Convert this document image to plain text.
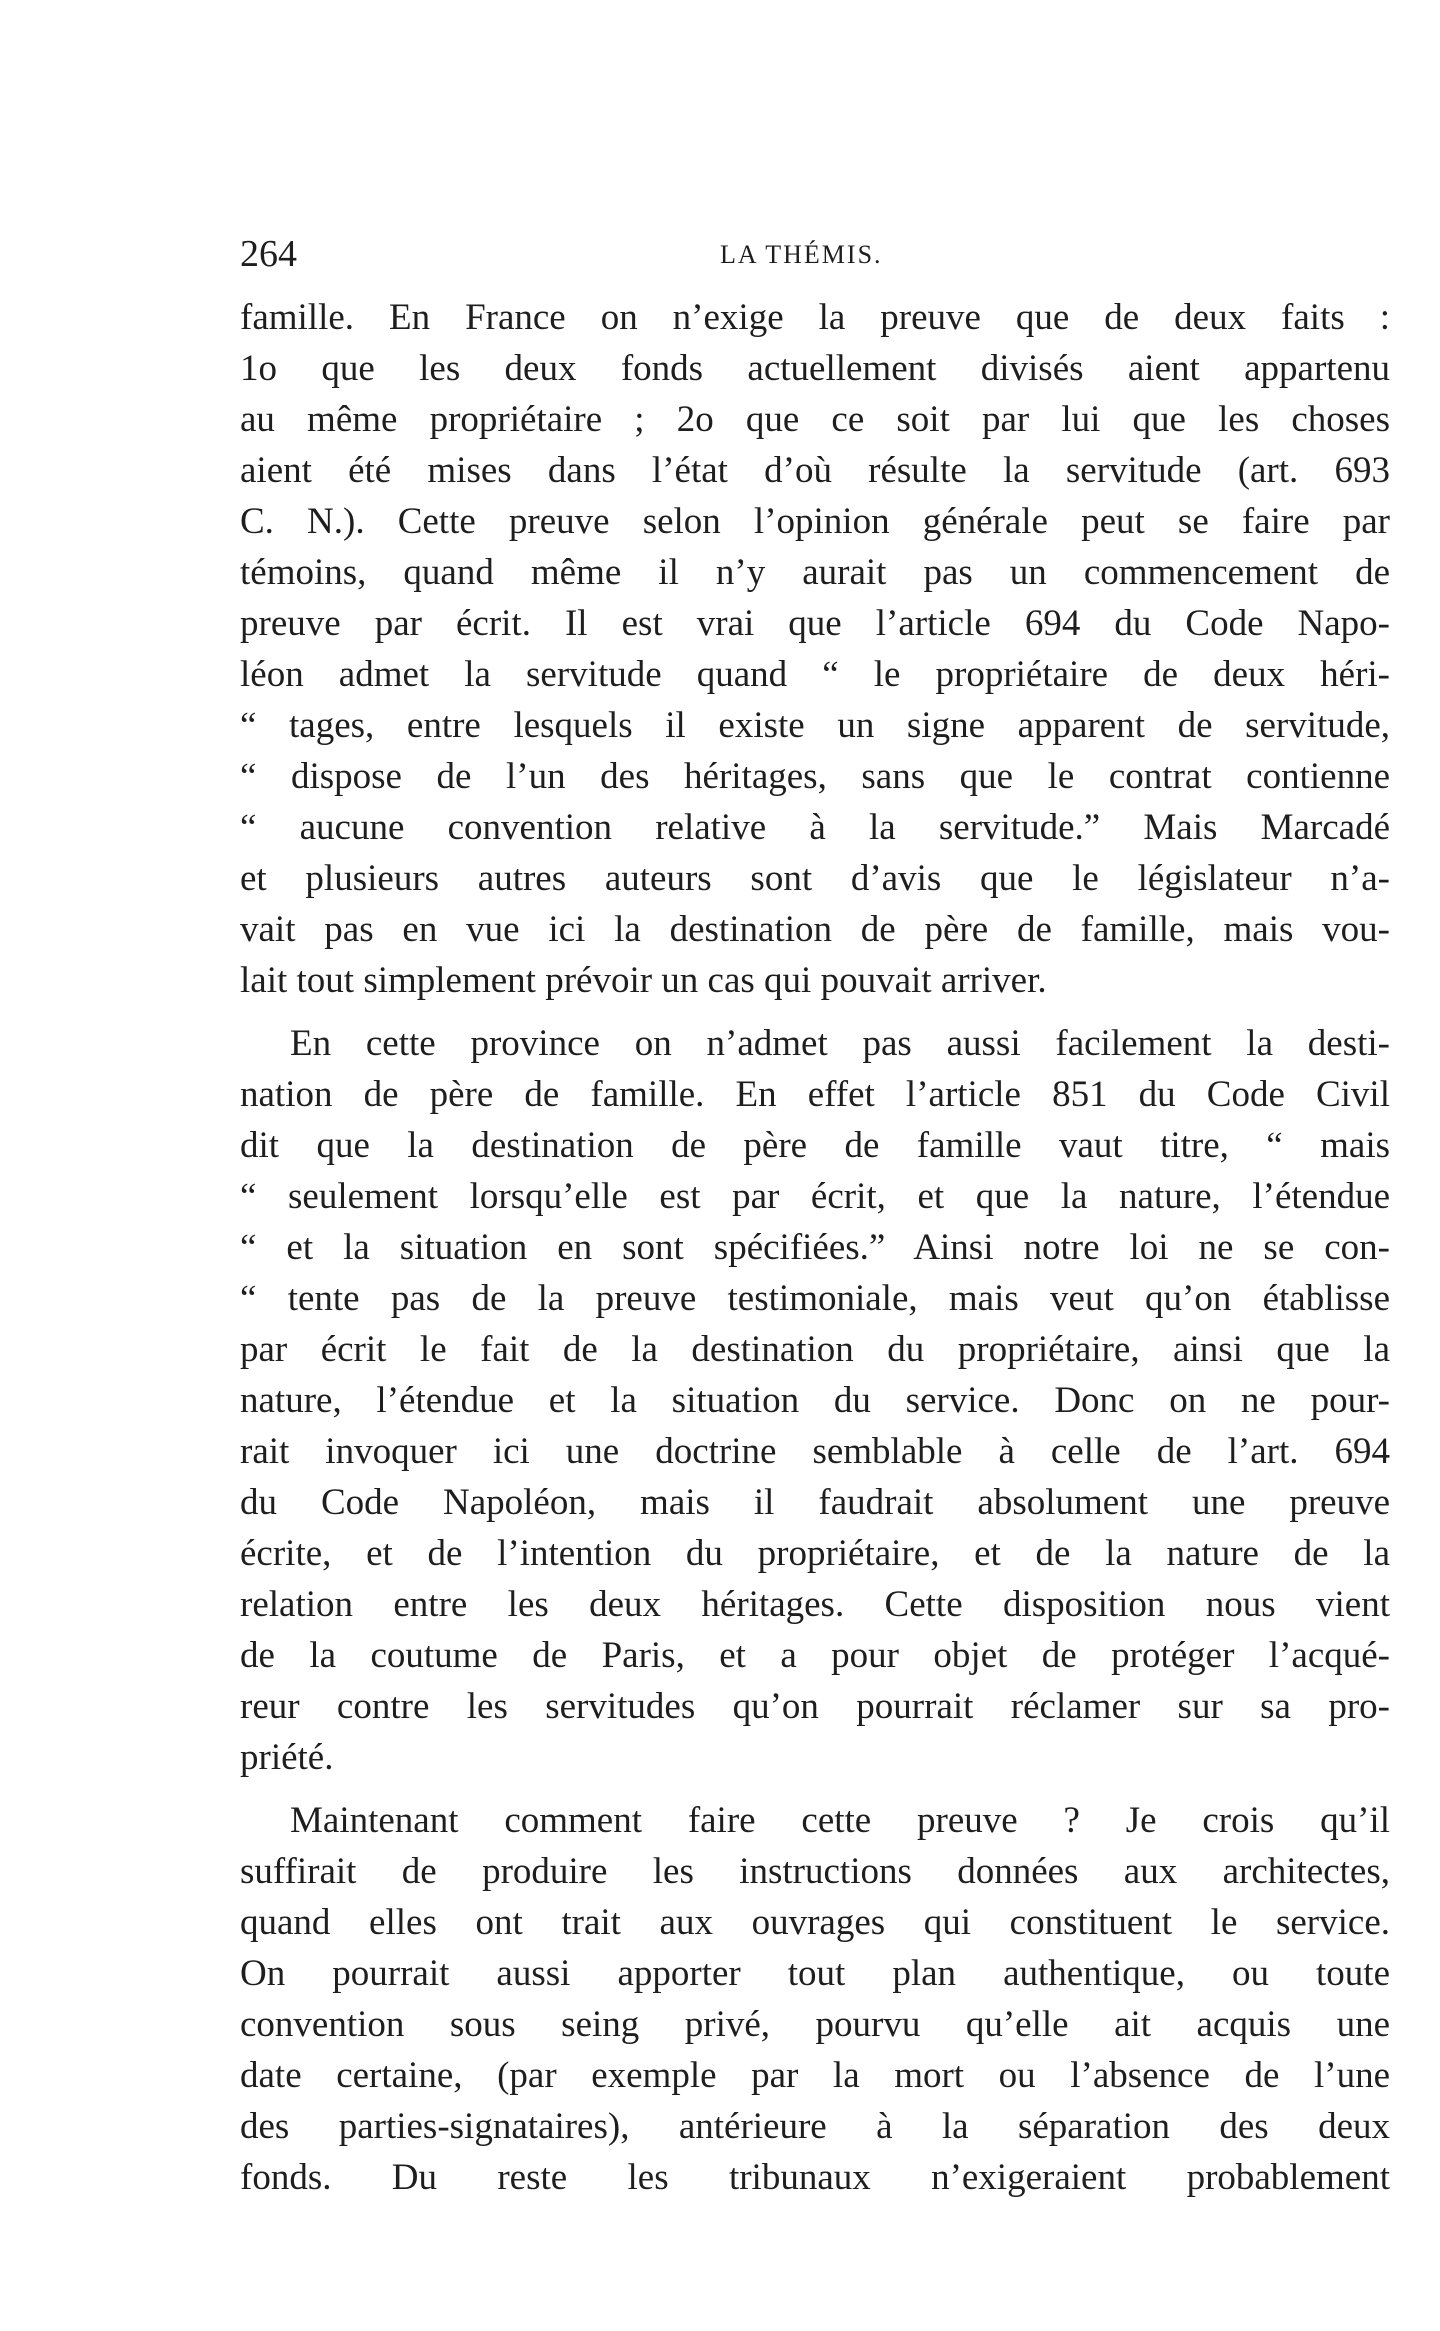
264	LA THÉMIS.
famille. En France on n’exige la preuve que de deux faits :
1o que les deux fonds actuellement divisés aient appartenu
au même propriétaire ; 2o que ce soit par lui que les choses
aient été mises dans l’état d’où résulte la servitude (art. 693
C. N.). Cette preuve selon l’opinion générale peut se faire par
témoins, quand même il n’y aurait pas un commencement de
preuve par écrit. Il est vrai que l’article 694 du Code Napo-
léon admet la servitude quand “ le propriétaire de deux héri-
“ tages, entre lesquels il existe un signe apparent de servitude,
“ dispose de l’un des héritages, sans que le contrat contienne
“ aucune convention relative à la servitude.” Mais Marcadé
et plusieurs autres auteurs sont d’avis que le législateur n’a-
vait pas en vue ici la destination de père de famille, mais vou-
lait tout simplement prévoir un cas qui pouvait arriver.
En cette province on n’admet pas aussi facilement la desti-
nation de père de famille. En effet l’article 851 du Code Civil
dit que la destination de père de famille vaut titre, “ mais
“ seulement lorsqu’elle est par écrit, et que la nature, l’étendue
“ et la situation en sont spécifiées.” Ainsi notre loi ne se con-
“ tente pas de la preuve testimoniale, mais veut qu’on établisse
par écrit le fait de la destination du propriétaire, ainsi que la
nature, l’étendue et la situation du service. Donc on ne pour-
rait invoquer ici une doctrine semblable à celle de l’art. 694
du Code Napoléon, mais il faudrait absolument une preuve
écrite, et de l’intention du propriétaire, et de la nature de la
relation entre les deux héritages. Cette disposition nous vient
de la coutume de Paris, et a pour objet de protéger l’acqué-
reur contre les servitudes qu’on pourrait réclamer sur sa pro-
priété.
Maintenant comment faire cette preuve ? Je crois qu’il
suffirait de produire les instructions données aux architectes,
quand elles ont trait aux ouvrages qui constituent le service.
On pourrait aussi apporter tout plan authentique, ou toute
convention sous seing privé, pourvu qu’elle ait acquis une
date certaine, (par exemple par la mort ou l’absence de l’une
des parties-signataires), antérieure à la séparation des deux
fonds. Du reste les tribunaux n’exigeraient probablement
